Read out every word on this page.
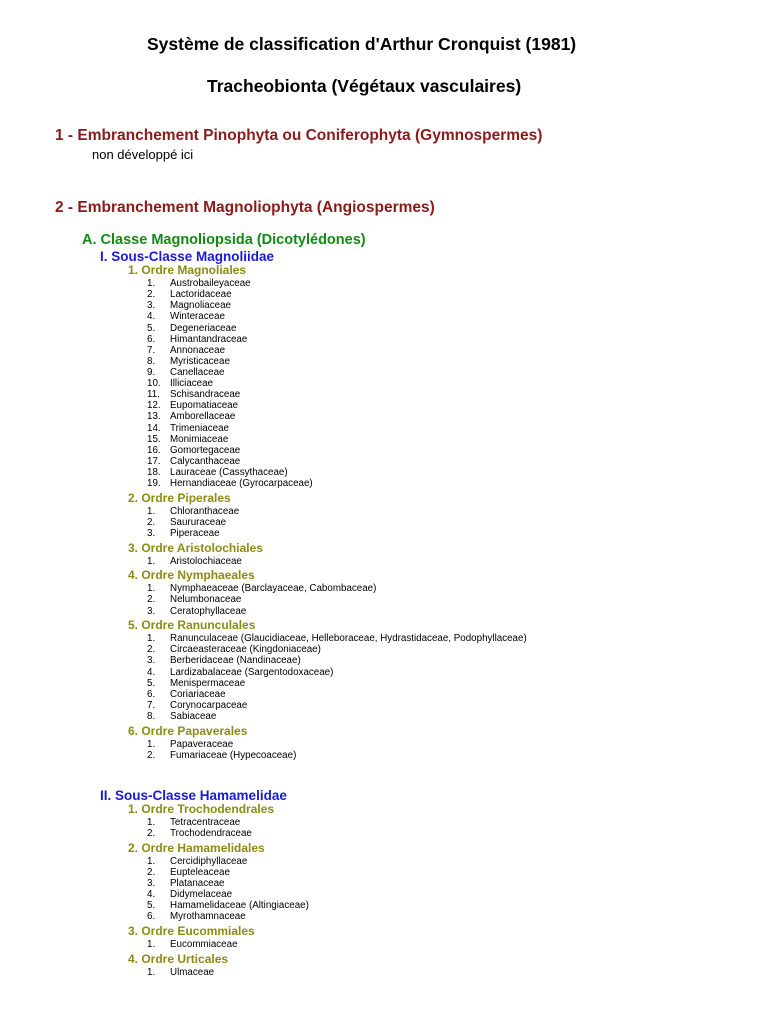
Système de classification d'Arthur Cronquist (1981)
Tracheobionta (Végétaux vasculaires)
1 - Embranchement Pinophyta ou Coniferophyta (Gymnospermes)
non développé ici
2 - Embranchement Magnoliophyta (Angiospermes)
A. Classe Magnoliopsida (Dicotylédones)
I. Sous-Classe Magnoliidae
1. Ordre Magnoliales
1. Austrobaileyaceae
2. Lactoridaceae
3. Magnoliaceae
4. Winteraceae
5. Degeneriaceae
6. Himantandraceae
7. Annonaceae
8. Myristicaceae
9. Canellaceae
10. Illiciaceae
11. Schisandraceae
12. Eupomatiaceae
13. Amborellaceae
14. Trimeniaceae
15. Monimiaceae
16. Gomortegaceae
17. Calycanthaceae
18. Lauraceae (Cassythaceae)
19. Hernandiaceae (Gyrocarpaceae)
2. Ordre Piperales
1. Chloranthaceae
2. Saururaceae
3. Piperaceae
3. Ordre Aristolochiales
1. Aristolochiaceae
4. Ordre Nymphaeales
1. Nymphaeaceae (Barclayaceae, Cabombaceae)
2. Nelumbonaceae
3. Ceratophyllaceae
5. Ordre Ranunculales
1. Ranunculaceae (Glaucidiaceae, Helleboraceae, Hydrastidaceae, Podophyllaceae)
2. Circaeasteraceae (Kingdoniaceae)
3. Berberidaceae (Nandinaceae)
4. Lardizabalaceae (Sargentodoxaceae)
5. Menispermaceae
6. Coriariaceae
7. Corynocarpaceae
8. Sabiaceae
6. Ordre Papaverales
1. Papaveraceae
2. Fumariaceae (Hypecoaceae)
II. Sous-Classe Hamamelidae
1. Ordre Trochodendrales
1. Tetracentraceae
2. Trochodendraceae
2. Ordre Hamamelidales
1. Cercidiphyllaceae
2. Eupteleaceae
3. Platanaceae
4. Didymelaceae
5. Hamamelidaceae (Altingiaceae)
6. Myrothamnaceae
3. Ordre Eucommiales
1. Eucommiaceae
4. Ordre Urticales
1. Ulmaceae
